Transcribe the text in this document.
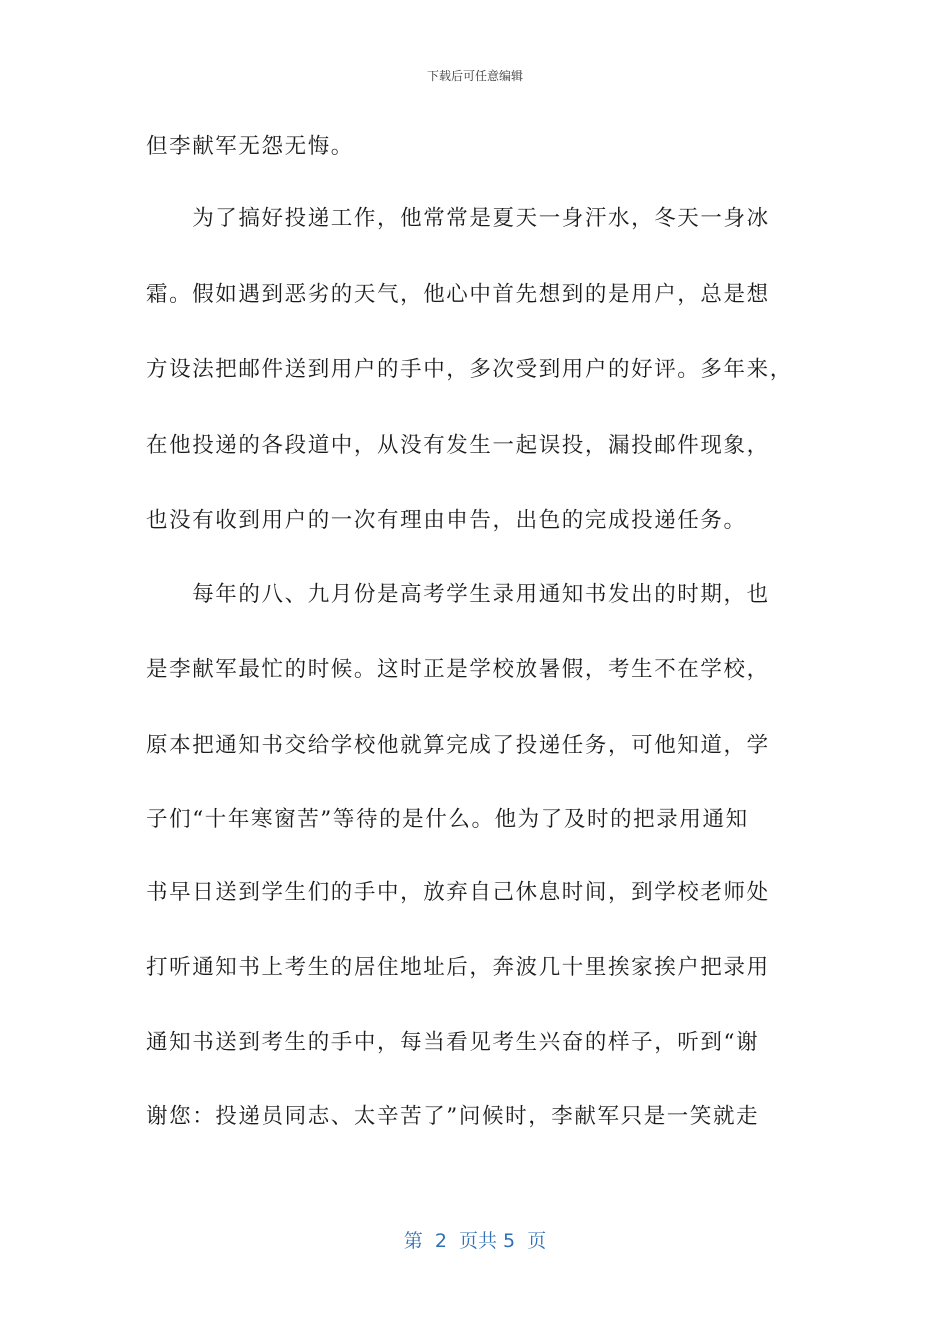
下载后可任意编辑
但李献军无怨无悔。
　　为了搞好投递工作，他常常是夏天一身汗水，冬天一身冰
霜。假如遇到恶劣的天气，他心中首先想到的是用户，总是想
方设法把邮件送到用户的手中，多次受到用户的好评。多年来，
在他投递的各段道中，从没有发生一起误投，漏投邮件现象，
也没有收到用户的一次有理由申告，出色的完成投递任务。
　　每年的八、九月份是高考学生录用通知书发出的时期，也
是李献军最忙的时候。这时正是学校放暑假，考生不在学校，
原本把通知书交给学校他就算完成了投递任务，可他知道，学
子们“十年寒窗苦”等待的是什么。他为了及时的把录用通知
书早日送到学生们的手中，放弃自己休息时间，到学校老师处
打听通知书上考生的居住地址后，奔波几十里挨家挨户把录用
通知书送到考生的手中，每当看见考生兴奋的样子，听到“谢
谢您：投递员同志、太辛苦了”问候时，李献军只是一笑就走
第  2  页共 5  页
